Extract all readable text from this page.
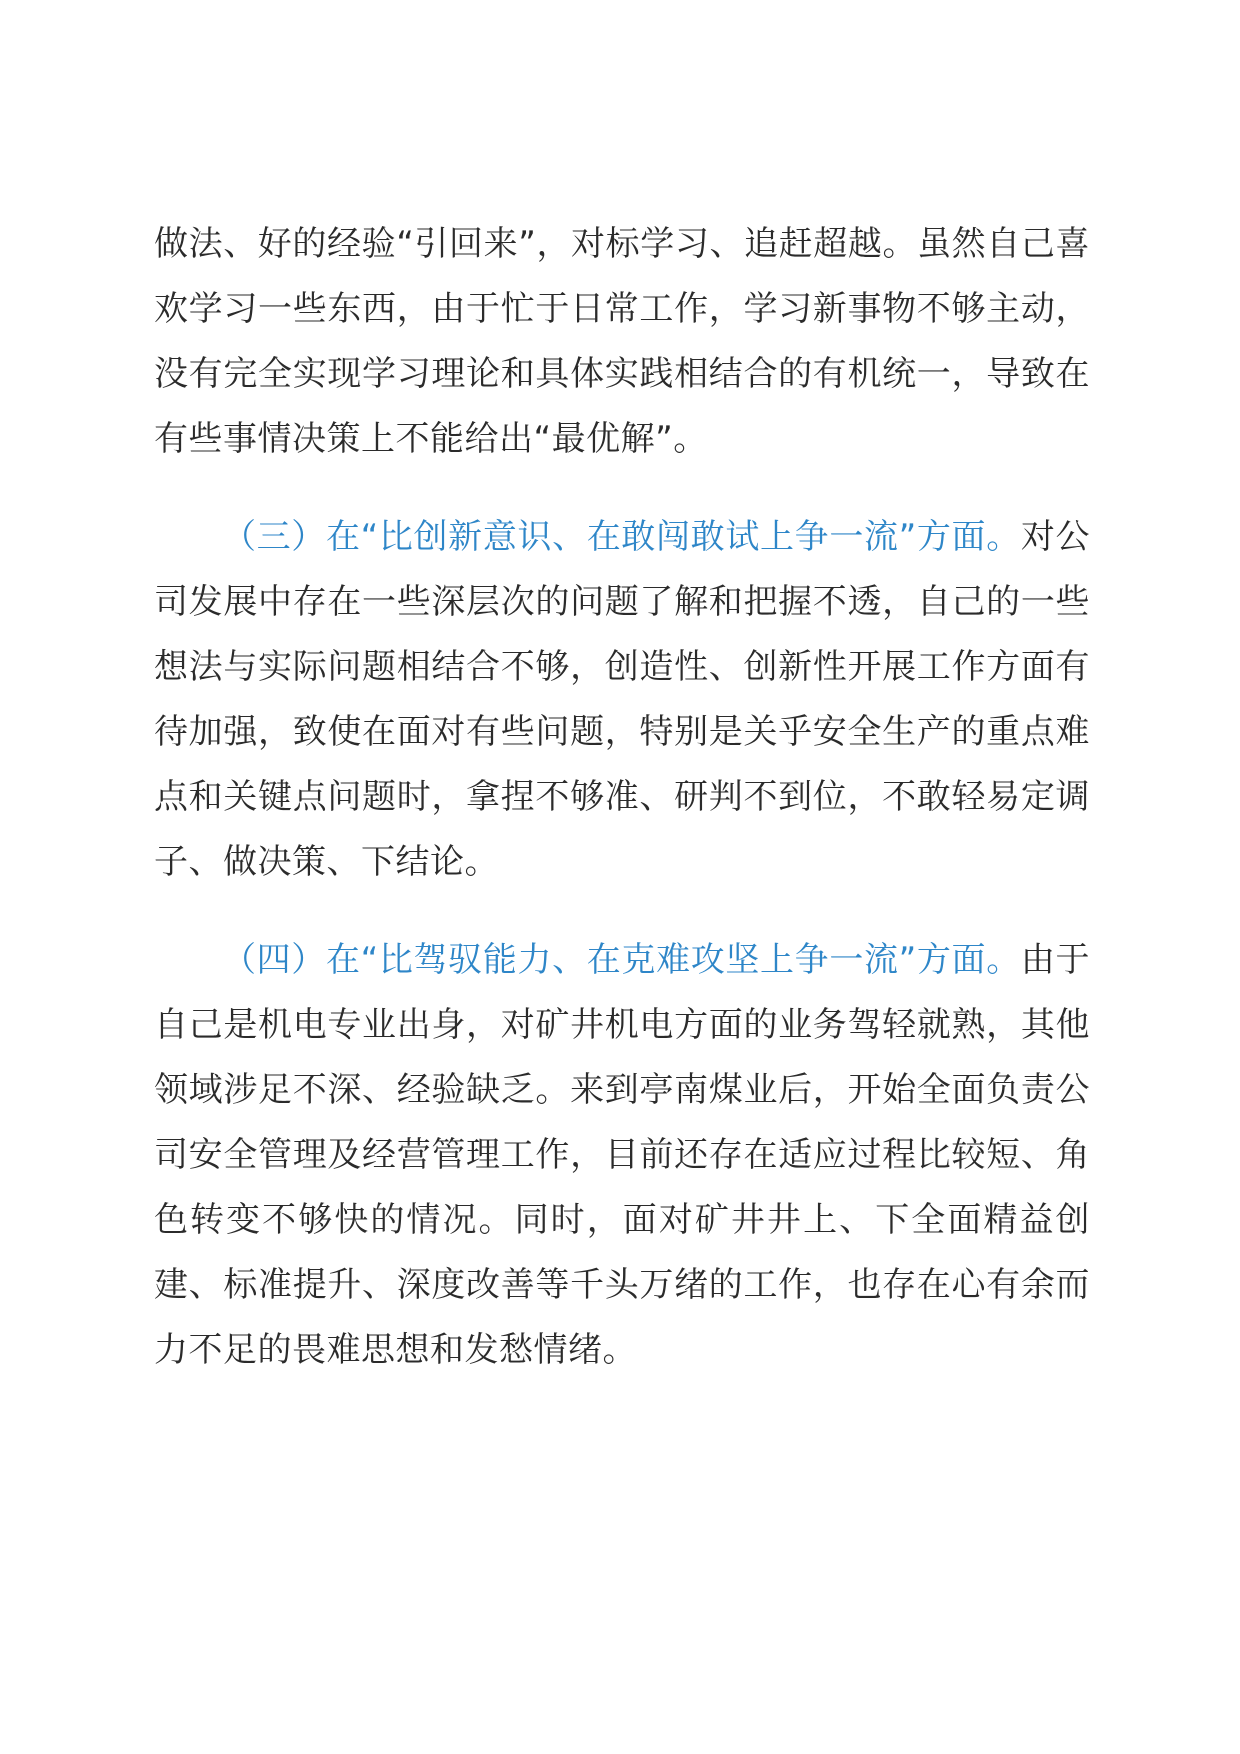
做法、好的经验“引回来”，对标学习、追赶超越。虽然自己喜欢学习一些东西，由于忙于日常工作，学习新事物不够主动，没有完全实现学习理论和具体实践相结合的有机统一，导致在有些事情决策上不能给出“最优解”。

（三）在“比创新意识、在敢闯敢试上争一流”方面。对公司发展中存在一些深层次的问题了解和把握不透，自己的一些想法与实际问题相结合不够，创造性、创新性开展工作方面有待加强，致使在面对有些问题，特别是关乎安全生产的重点难点和关键点问题时，拿捏不够准、研判不到位，不敢轻易定调子、做决策、下结论。

（四）在“比驾驭能力、在克难攻坚上争一流”方面。由于自己是机电专业出身，对矿井机电方面的业务驾轻就熟，其他领域涉足不深、经验缺乏。来到亭南煤业后，开始全面负责公司安全管理及经营管理工作，目前还存在适应过程比较短、角色转变不够快的情况。同时，面对矿井井上、下全面精益创建、标准提升、深度改善等千头万绪的工作，也存在心有余而力不足的畏难思想和发愁情绪。
